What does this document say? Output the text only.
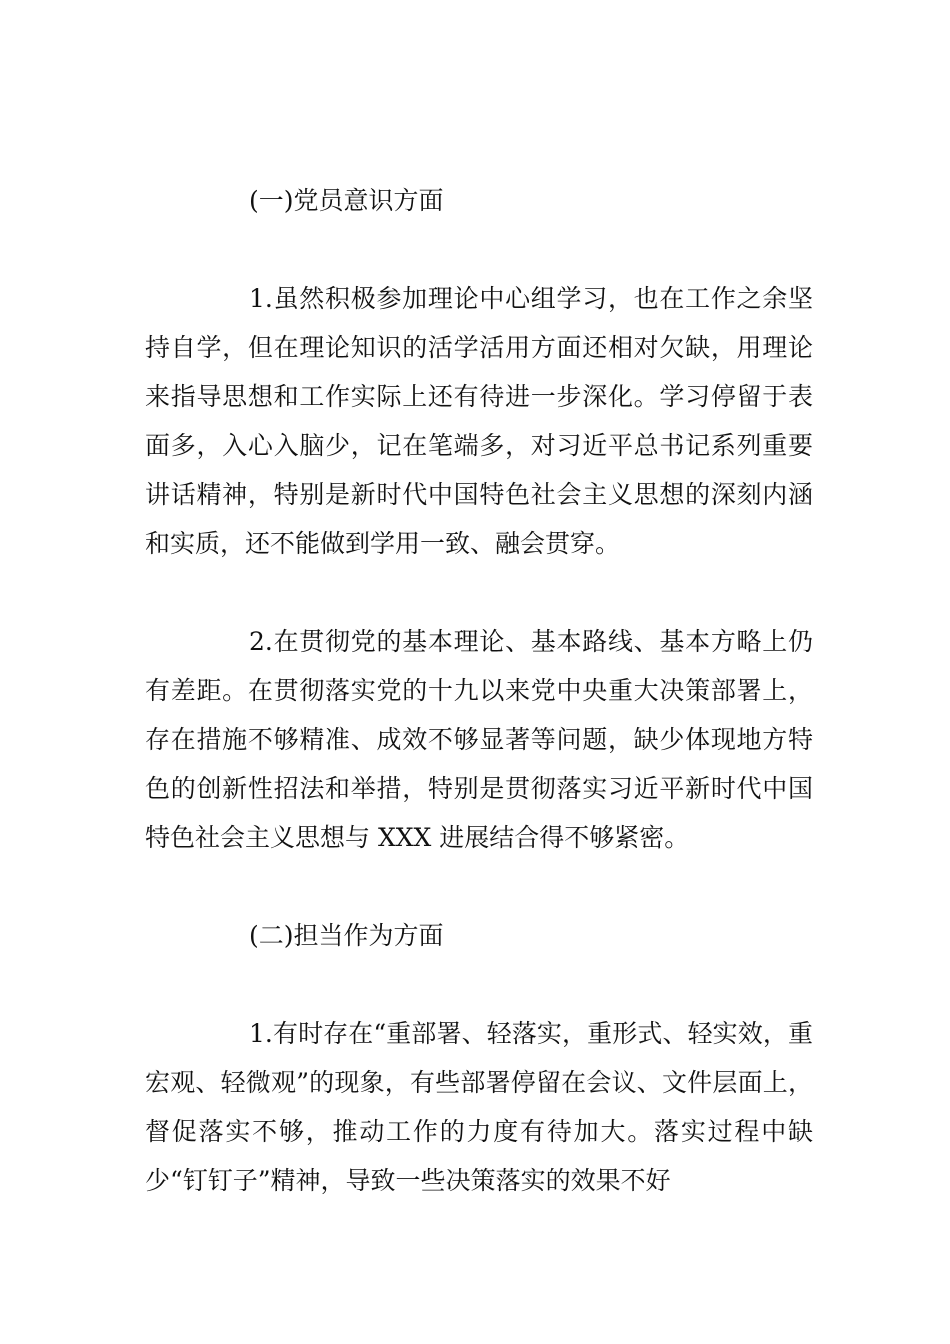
(一)党员意识方面

1.虽然积极参加理论中心组学习，也在工作之余坚持自学，但在理论知识的活学活用方面还相对欠缺，用理论来指导思想和工作实际上还有待进一步深化。学习停留于表面多，入心入脑少，记在笔端多，对习近平总书记系列重要讲话精神，特别是新时代中国特色社会主义思想的深刻内涵和实质，还不能做到学用一致、融会贯穿。

2.在贯彻党的基本理论、基本路线、基本方略上仍有差距。在贯彻落实党的十九以来党中央重大决策部署上，存在措施不够精准、成效不够显著等问题，缺少体现地方特色的创新性招法和举措，特别是贯彻落实习近平新时代中国特色社会主义思想与 XXX 进展结合得不够紧密。

(二)担当作为方面

1.有时存在“重部署、轻落实，重形式、轻实效，重宏观、轻微观”的现象，有些部署停留在会议、文件层面上，督促落实不够，推动工作的力度有待加大。落实过程中缺少“钉钉子”精神，导致一些决策落实的效果不好
